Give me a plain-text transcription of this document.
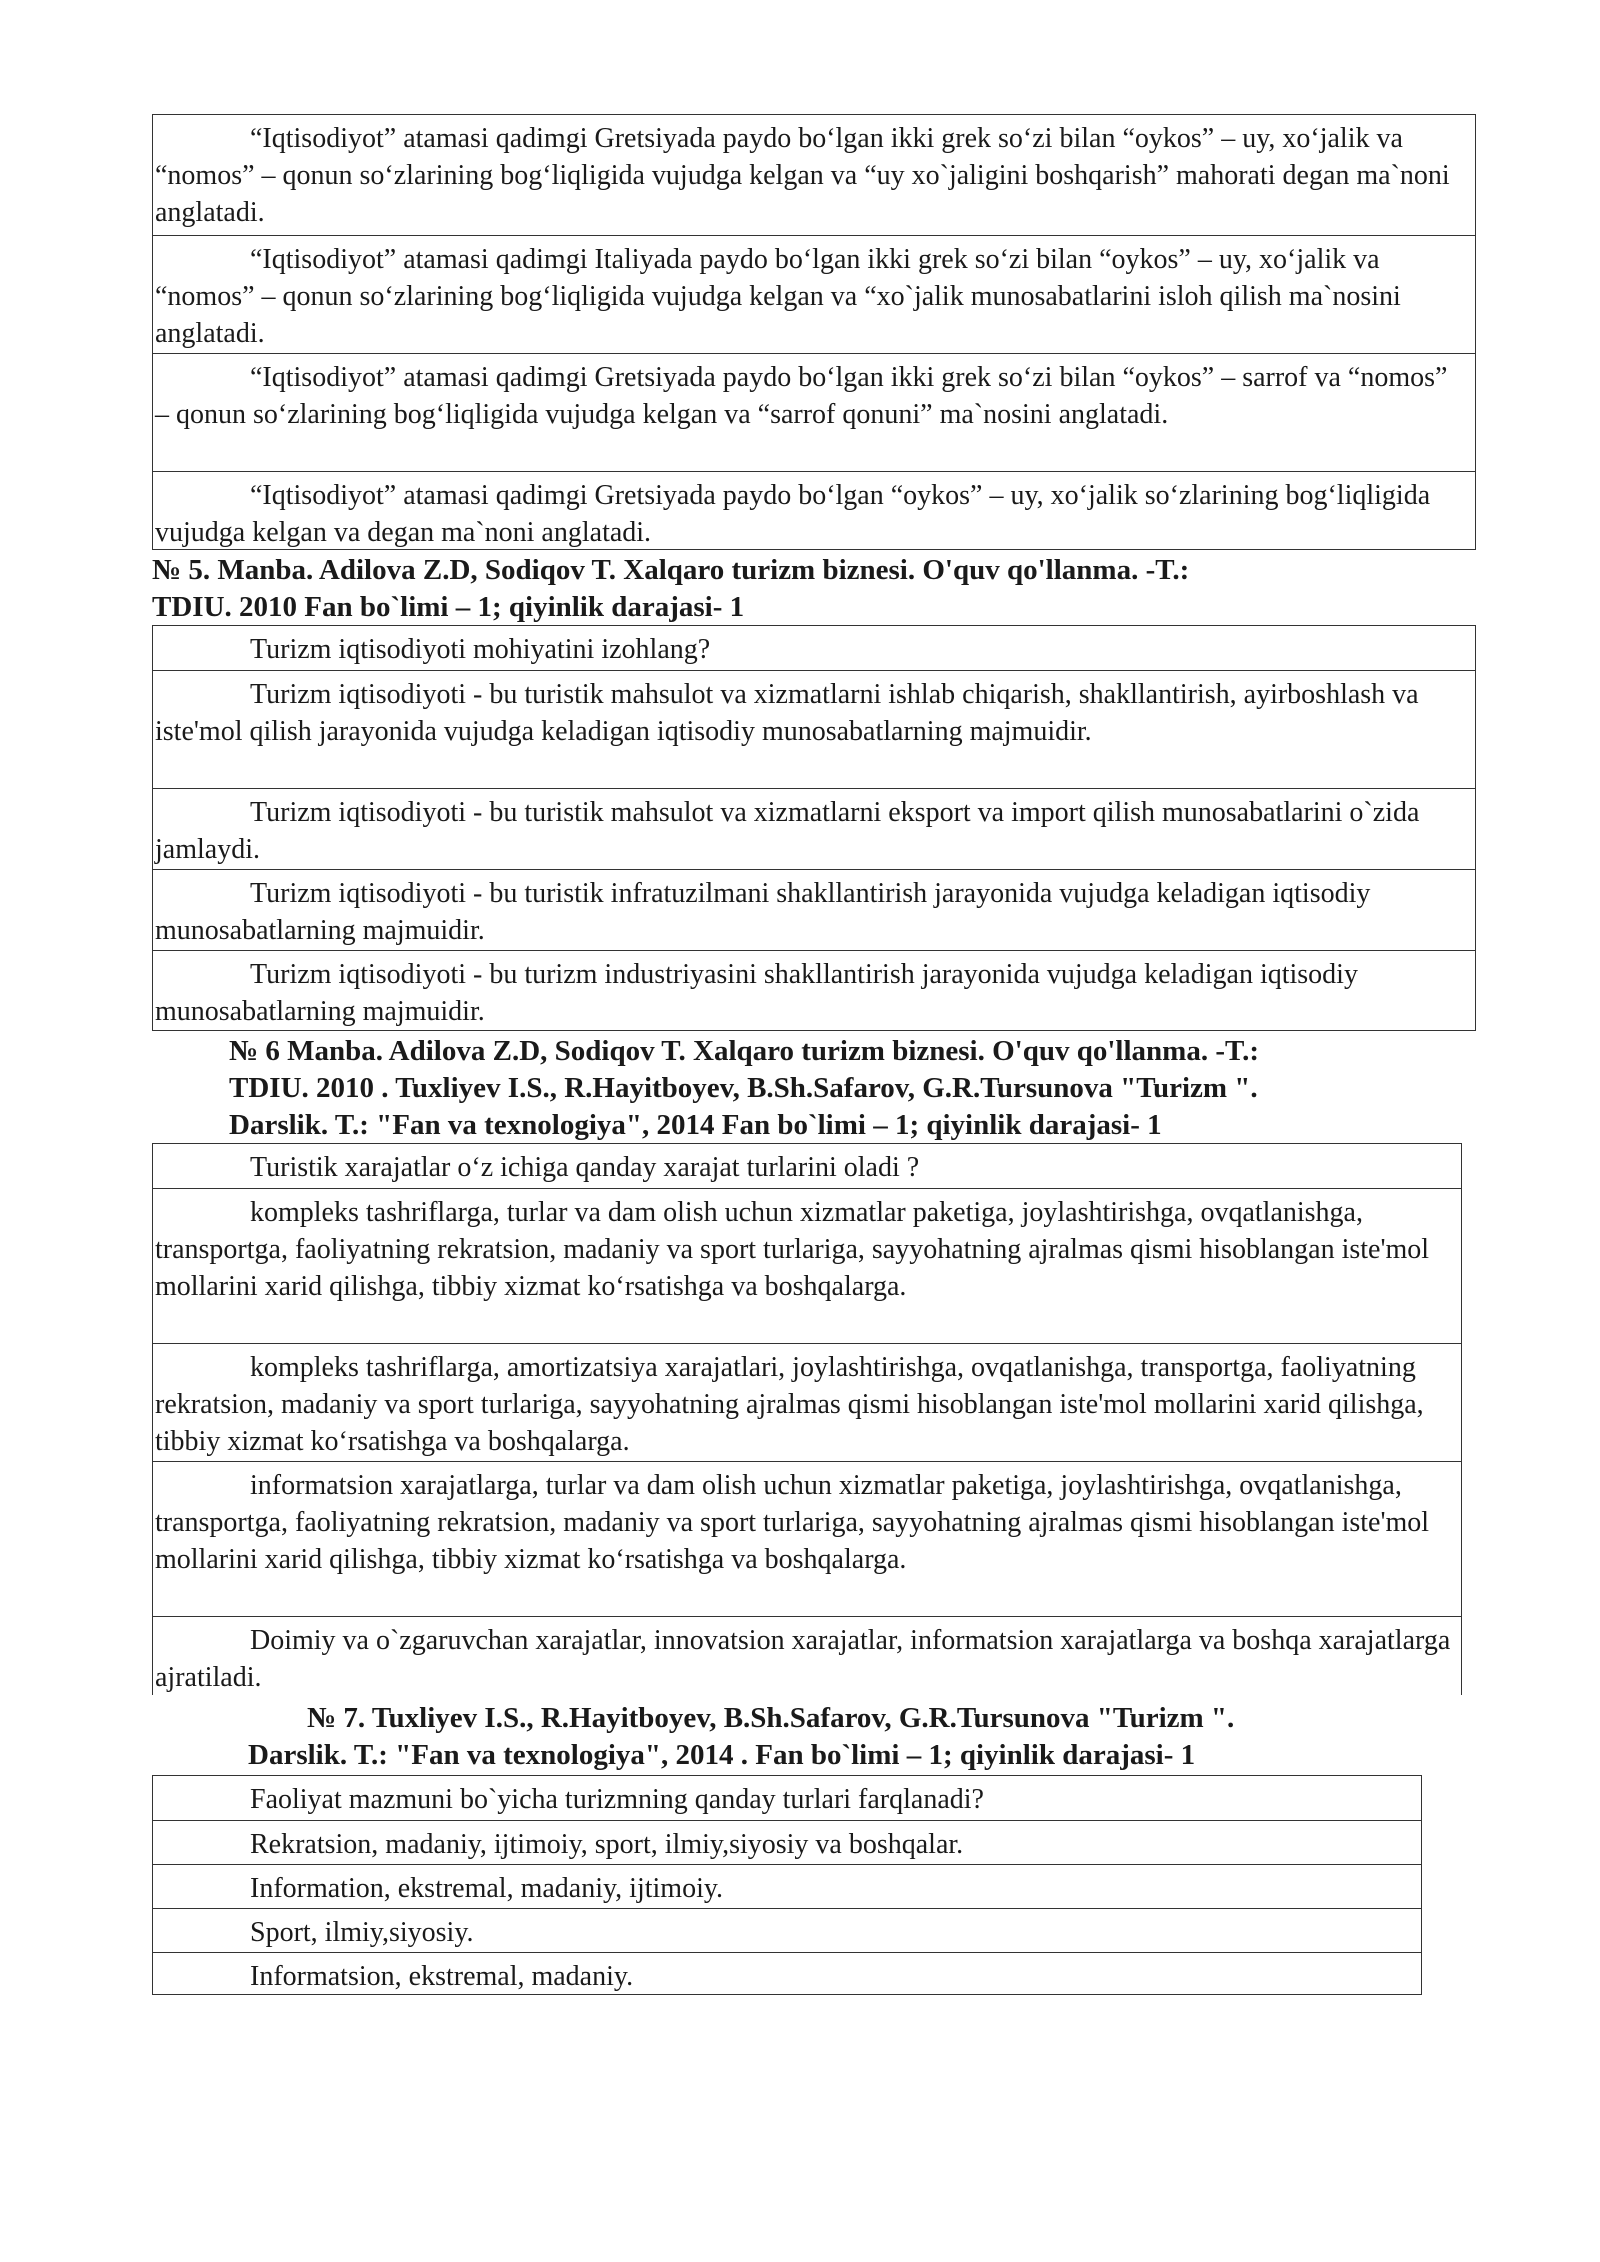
“Iqtisodiyot” atamasi qadimgi Gretsiyada paydo bo‘lgan ikki grek so‘zi bilan “oykos” – uy, xo‘jalik va “nomos” – qonun so‘zlarining bog‘liqligida vujudga kelgan va “uy xo`jaligini boshqarish” mahorati degan ma`noni anglatadi.
“Iqtisodiyot” atamasi qadimgi Italiyada paydo bo‘lgan ikki grek so‘zi bilan “oykos” – uy, xo‘jalik va “nomos” – qonun so‘zlarining bog‘liqligida vujudga kelgan va “xo`jalik munosabatlarini isloh qilish ma`nosini anglatadi.
“Iqtisodiyot” atamasi qadimgi Gretsiyada paydo bo‘lgan ikki grek so‘zi bilan “oykos” – sarrof va “nomos” – qonun so‘zlarining bog‘liqligida vujudga kelgan va “sarrof qonuni” ma`nosini anglatadi.
“Iqtisodiyot” atamasi qadimgi Gretsiyada paydo bo‘lgan “oykos” – uy, xo‘jalik so‘zlarining bog‘liqligida vujudga kelgan va degan ma`noni anglatadi.
№ 5. Manba. Adilova Z.D, Sodiqov T. Xalqaro turizm biznesi. O'quv qo'llanma. -T.:
TDIU. 2010 Fan bo`limi – 1; qiyinlik darajasi- 1
Turizm iqtisodiyoti mohiyatini izohlang?
Turizm iqtisodiyoti - bu turistik mahsulot va xizmatlarni ishlab chiqarish, shakllantirish, ayirboshlash va iste'mol qilish jarayonida vujudga keladigan iqtisodiy munosabatlarning majmuidir.
Turizm iqtisodiyoti - bu turistik mahsulot va xizmatlarni eksport va import qilish munosabatlarini o`zida jamlaydi.
Turizm iqtisodiyoti - bu turistik infratuzilmani shakllantirish jarayonida vujudga keladigan iqtisodiy munosabatlarning majmuidir.
Turizm iqtisodiyoti - bu turizm industriyasini shakllantirish jarayonida vujudga keladigan iqtisodiy munosabatlarning majmuidir.
№ 6 Manba. Adilova Z.D, Sodiqov T. Xalqaro turizm biznesi. O'quv qo'llanma. -T.:
TDIU. 2010 . Tuxliyev I.S., R.Hayitboyev, B.Sh.Safarov, G.R.Tursunova "Turizm ".
Darslik. T.: "Fan va texnologiya", 2014 Fan bo`limi – 1; qiyinlik darajasi- 1
Turistik xarajatlar o‘z ichiga qanday xarajat turlarini oladi ?
kompleks tashriflarga, turlar va dam olish uchun xizmatlar paketiga, joylashtirishga, ovqatlanishga, transportga, faoliyatning rekratsion, madaniy va sport turlariga, sayyohatning ajralmas qismi hisoblangan iste'mol mollarini xarid qilishga, tibbiy xizmat ko‘rsatishga va boshqalarga.
kompleks tashriflarga, amortizatsiya xarajatlari, joylashtirishga, ovqatlanishga, transportga, faoliyatning rekratsion, madaniy va sport turlariga, sayyohatning ajralmas qismi hisoblangan iste'mol mollarini xarid qilishga, tibbiy xizmat ko‘rsatishga va boshqalarga.
informatsion xarajatlarga, turlar va dam olish uchun xizmatlar paketiga, joylashtirishga, ovqatlanishga, transportga, faoliyatning rekratsion, madaniy va sport turlariga, sayyohatning ajralmas qismi hisoblangan iste'mol mollarini xarid qilishga, tibbiy xizmat ko‘rsatishga va boshqalarga.
Doimiy va o`zgaruvchan xarajatlar, innovatsion xarajatlar, informatsion xarajatlarga va boshqa xarajatlarga ajratiladi.
№ 7. Tuxliyev I.S., R.Hayitboyev, B.Sh.Safarov, G.R.Tursunova "Turizm ".
Darslik. T.: "Fan va texnologiya", 2014 . Fan bo`limi – 1; qiyinlik darajasi- 1
Faoliyat mazmuni bo`yicha turizmning qanday turlari farqlanadi?
Rekratsion, madaniy, ijtimoiy, sport, ilmiy,siyosiy va boshqalar.
Information, ekstremal, madaniy, ijtimoiy.
Sport, ilmiy,siyosiy.
Informatsion, ekstremal, madaniy.
